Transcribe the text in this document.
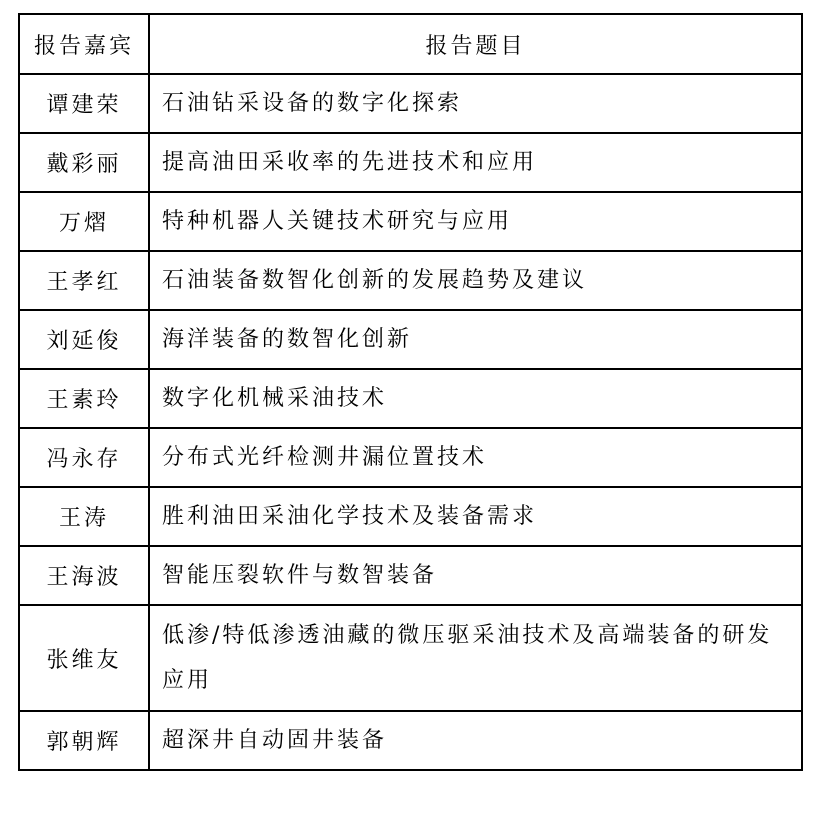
报告嘉宾	报告题目
谭建荣	石油钻采设备的数字化探索
戴彩丽	提高油田采收率的先进技术和应用
万熠	特种机器人关键技术研究与应用
王孝红	石油装备数智化创新的发展趋势及建议
刘延俊	海洋装备的数智化创新
王素玲	数字化机械采油技术
冯永存	分布式光纤检测井漏位置技术
王涛	胜利油田采油化学技术及装备需求
王海波	智能压裂软件与数智装备
张维友	低渗/特低渗透油藏的微压驱采油技术及高端装备的研发应用
郭朝辉	超深井自动固井装备
